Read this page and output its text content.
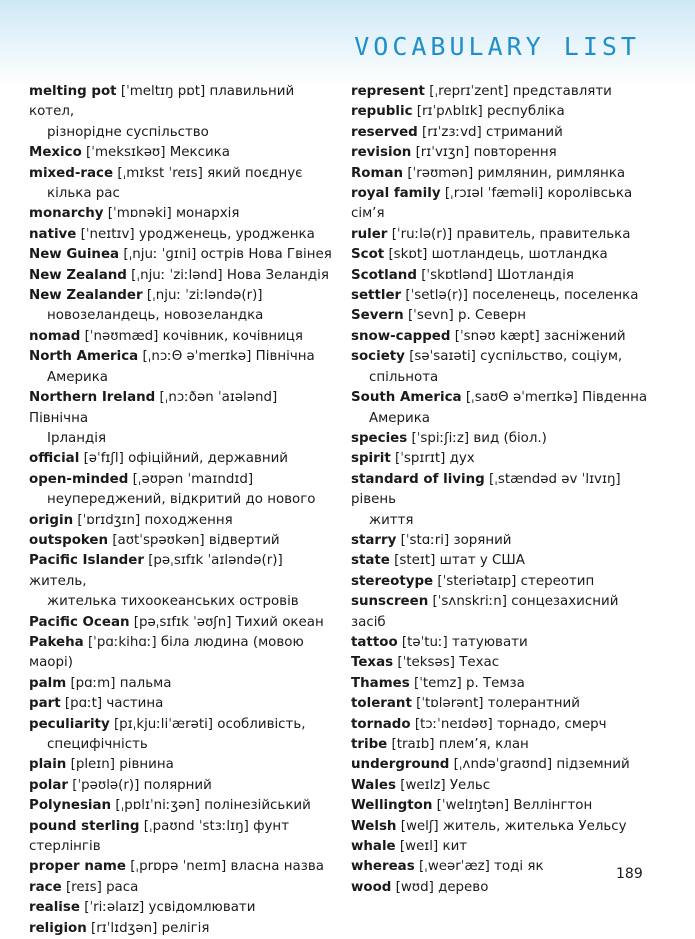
VOCABULARY LIST

melting pot [ˈmeltɪŋ pɒt] плавильний котел,
різнорідне суспільство

Mexico [ˈmeksɪkəʊ] Мексика

mixed-race [ˌmɪkst ˈreɪs] який поєднує
кілька рас

monarchy [ˈmɒnəki] монархія

native [ˈneɪtɪv] уродженець, уродженка

New Guinea [ˌnjuː ˈɡɪni] острів Нова Гвінея

New Zealand [ˌnjuː ˈziːlənd] Нова Зеландія

New Zealander [ˌnjuː ˈziːləndə(r)]
новозеландець, новозеландка

nomad [ˈnəʊmæd] кочівник, кочівниця

North America [ˌnɔːΘ əˈmerɪkə] Північна
Америка

Northern Ireland [ˌnɔːðən ˈaɪələnd] Північна
Ірландія

official [əˈfɪʃl] офіційний, державний

open-minded [ˌəʊpən ˈmaɪndɪd]
неупереджений, відкритий до нового

origin [ˈɒrɪdʒɪn] походження

outspoken [aʊtˈspəʊkən] відвертий

Pacific Islander [pəˌsɪfɪk ˈaɪləndə(r)] житель,
жителька тихоокеанських островів

Pacific Ocean [pəˌsɪfɪk ˈəʊʃn] Тихий океан

Pakeha [ˈpɑːkihɑː] біла людина (мовою маорі)

palm [pɑːm] пальма

part [pɑːt] частина

peculiarity [pɪˌkjuːliˈærəti] особливість,
специфічність

plain [pleɪn] рівнина

polar [ˈpəʊlə(r)] полярний

Polynesian [ˌpɒlɪˈniːʒən] полінезійський

pound sterling [ˌpaʊnd ˈstɜːlɪŋ] фунт стерлінгів

proper name [ˌprɒpə ˈneɪm] власна назва

race [reɪs] раса

realise [ˈriːəlaɪz] усвідомлювати

religion [rɪˈlɪdʒən] релігія

represent [ˌreprɪˈzent] представляти

republic [rɪˈpʌblɪk] республіка

reserved [rɪˈzɜːvd] стриманий

revision [rɪˈvɪʒn] повторення

Roman [ˈrəʊmən] римлянин, римлянка

royal family [ˌrɔɪəl ˈfæməli] королівська сім’я

ruler [ˈruːlə(r)] правитель, правителька

Scot [skɒt] шотландець, шотландка

Scotland [ˈskɒtlənd] Шотландія

settler [ˈsetlə(r)] поселенець, поселенка

Severn [ˈsevn] р. Северн

snow-capped [ˈsnəʊ kæpt] засніжений

society [səˈsaɪəti] суспільство, соціум,
спільнота

South America [ˌsaʊΘ əˈmerɪkə] Південна
Америка

species [ˈspiːʃiːz] вид (біол.)

spirit [ˈspɪrɪt] дух

standard of living [ˌstændəd əv ˈlɪvɪŋ] рівень
життя

starry [ˈstɑːri] зоряний

state [steɪt] штат у США

stereotype [ˈsteriətaɪp] стереотип

sunscreen [ˈsʌnskriːn] сонцезахисний засіб

tattoo [təˈtuː] татуювати

Texas [ˈteksəs] Техас

Thames [ˈtemz] р. Темза

tolerant [ˈtɒlərənt] толерантний

tornado [tɔːˈneɪdəʊ] торнадо, смерч

tribe [traɪb] плем’я, клан

underground [ˌʌndəˈɡraʊnd] підземний

Wales [weɪlz] Уельс

Wellington [ˈwelɪŋtən] Веллінгтон

Welsh [welʃ] житель, жителька Уельсу

whale [weɪl] кит

whereas [ˌweərˈæz] тоді як

wood [wʊd] дерево

189
